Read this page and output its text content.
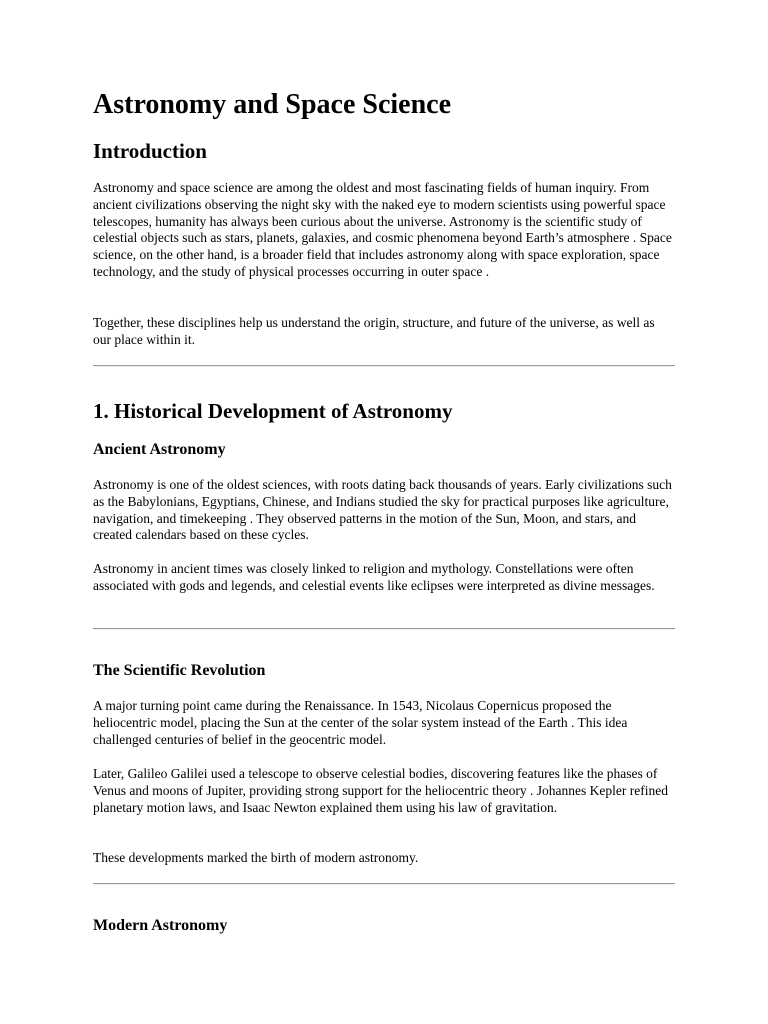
Astronomy and Space Science
Introduction

Astronomy and space science are among the oldest and most fascinating fields of human inquiry. From ancient civilizations observing the night sky with the naked eye to modern scientists using powerful space telescopes, humanity has always been curious about the universe. Astronomy is the scientific study of celestial objects such as stars, planets, galaxies, and cosmic phenomena beyond Earth’s atmosphere . Space science, on the other hand, is a broader field that includes astronomy along with space exploration, space technology, and the study of physical processes occurring in outer space .

Together, these disciplines help us understand the origin, structure, and future of the universe, as well as our place within it.

1. Historical Development of Astronomy
Ancient Astronomy

Astronomy is one of the oldest sciences, with roots dating back thousands of years. Early civilizations such as the Babylonians, Egyptians, Chinese, and Indians studied the sky for practical purposes like agriculture, navigation, and timekeeping . They observed patterns in the motion of the Sun, Moon, and stars, and created calendars based on these cycles.

Astronomy in ancient times was closely linked to religion and mythology. Constellations were often associated with gods and legends, and celestial events like eclipses were interpreted as divine messages.

The Scientific Revolution

A major turning point came during the Renaissance. In 1543, Nicolaus Copernicus proposed the heliocentric model, placing the Sun at the center of the solar system instead of the Earth . This idea challenged centuries of belief in the geocentric model.

Later, Galileo Galilei used a telescope to observe celestial bodies, discovering features like the phases of Venus and moons of Jupiter, providing strong support for the heliocentric theory . Johannes Kepler refined planetary motion laws, and Isaac Newton explained them using his law of gravitation.

These developments marked the birth of modern astronomy.

Modern Astronomy
